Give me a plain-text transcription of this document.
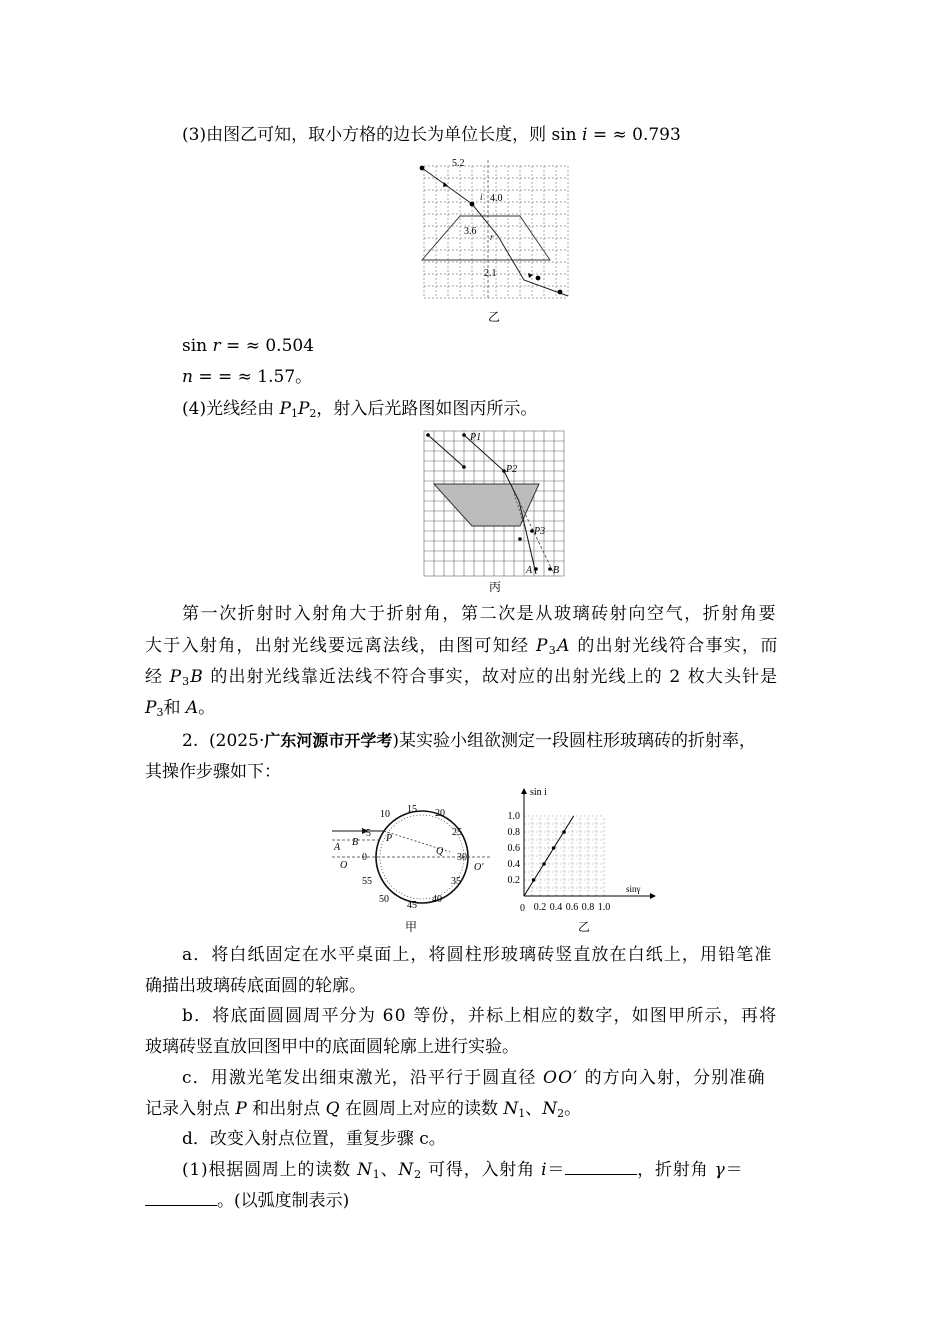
(3)由图乙可知，取小方格的边长为单位长度，则 sin i = ≈ 0.793
5.2
4.0
3.6
2.1
i
r
乙
sin r = ≈ 0.504
n = = ≈ 1.57。
(4)光线经由 $P_1P_2$，射入后光路图如图丙所示。
P1
P2
P3
A B
丙
第一次折射时入射角大于折射角，第二次是从玻璃砖射向空气，折射角要
大于入射角，出射光线要远离法线，由图可知经 $P_3A$ 的出射光线符合事实，而
经 $P_3B$ 的出射光线靠近法线不符合事实，故对应的出射光线上的 2 枚大头针是
$P_3$和 A。
2. (2025·广东河源市开学考)某实验小组欲测定一段圆柱形玻璃砖的折射率，
其操作步骤如下：
15 20
25
30
35
40
45
50
55
0
5
10
A B	P
Q
O	O'
甲
0.2
0.4
0.6
0.8
1.0
0.2 0.4 0.6 0.8 1.0
sin i
sinγ
0
乙
a．将白纸固定在水平桌面上，将圆柱形玻璃砖竖直放在白纸上，用铅笔准
确描出玻璃砖底面圆的轮廓。
b．将底面圆圆周平分为 60 等份，并标上相应的数字，如图甲所示，再将
玻璃砖竖直放回图甲中的底面圆轮廓上进行实验。
c．用激光笔发出细束激光，沿平行于圆直径 OO′ 的方向入射，分别准确
记录入射点 P 和出射点 Q 在圆周上对应的读数 $N_1$、$N_2$。
d．改变入射点位置，重复步骤 c。
(1)根据圆周上的读数 $N_1$、$N_2$ 可得，入射角 i＝	，折射角 γ＝
。(以弧度制表示)
